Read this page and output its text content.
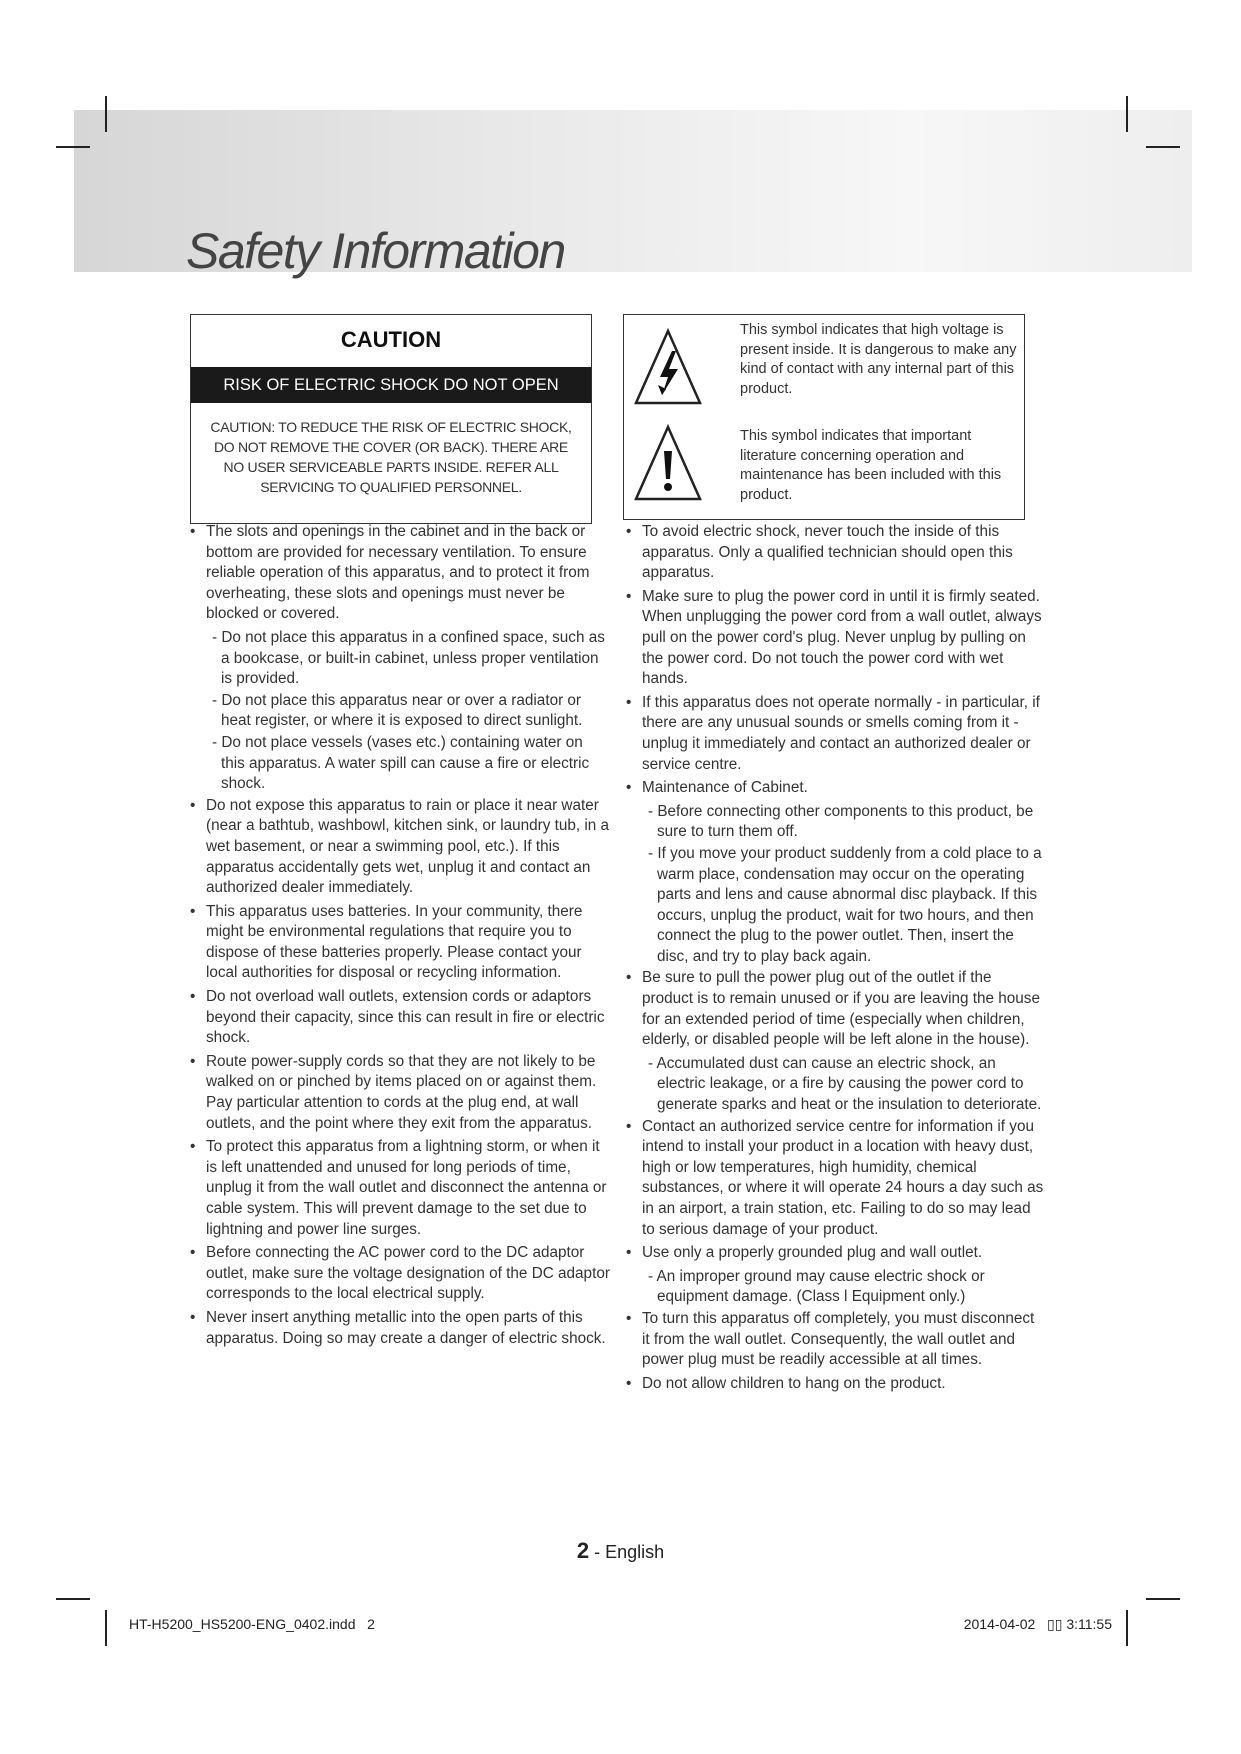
Safety Information
CAUTION
RISK OF ELECTRIC SHOCK DO NOT OPEN
CAUTION: TO REDUCE THE RISK OF ELECTRIC SHOCK, DO NOT REMOVE THE COVER (OR BACK). THERE ARE NO USER SERVICEABLE PARTS INSIDE. REFER ALL SERVICING TO QUALIFIED PERSONNEL.
This symbol indicates that high voltage is present inside. It is dangerous to make any kind of contact with any internal part of this product.
This symbol indicates that important literature concerning operation and maintenance has been included with this product.
• The slots and openings in the cabinet and in the back or bottom are provided for necessary ventilation. To ensure reliable operation of this apparatus, and to protect it from overheating, these slots and openings must never be blocked or covered.
- Do not place this apparatus in a confined space, such as a bookcase, or built-in cabinet, unless proper ventilation is provided.
- Do not place this apparatus near or over a radiator or heat register, or where it is exposed to direct sunlight.
- Do not place vessels (vases etc.) containing water on this apparatus. A water spill can cause a fire or electric shock.
• Do not expose this apparatus to rain or place it near water (near a bathtub, washbowl, kitchen sink, or laundry tub, in a wet basement, or near a swimming pool, etc.). If this apparatus accidentally gets wet, unplug it and contact an authorized dealer immediately.
• This apparatus uses batteries. In your community, there might be environmental regulations that require you to dispose of these batteries properly. Please contact your local authorities for disposal or recycling information.
• Do not overload wall outlets, extension cords or adaptors beyond their capacity, since this can result in fire or electric shock.
• Route power-supply cords so that they are not likely to be walked on or pinched by items placed on or against them. Pay particular attention to cords at the plug end, at wall outlets, and the point where they exit from the apparatus.
• To protect this apparatus from a lightning storm, or when it is left unattended and unused for long periods of time, unplug it from the wall outlet and disconnect the antenna or cable system. This will prevent damage to the set due to lightning and power line surges.
• Before connecting the AC power cord to the DC adaptor outlet, make sure the voltage designation of the DC adaptor corresponds to the local electrical supply.
• Never insert anything metallic into the open parts of this apparatus. Doing so may create a danger of electric shock.
• To avoid electric shock, never touch the inside of this apparatus. Only a qualified technician should open this apparatus.
• Make sure to plug the power cord in until it is firmly seated. When unplugging the power cord from a wall outlet, always pull on the power cord's plug. Never unplug by pulling on the power cord. Do not touch the power cord with wet hands.
• If this apparatus does not operate normally - in particular, if there are any unusual sounds or smells coming from it - unplug it immediately and contact an authorized dealer or service centre.
• Maintenance of Cabinet.
- Before connecting other components to this product, be sure to turn them off.
- If you move your product suddenly from a cold place to a warm place, condensation may occur on the operating parts and lens and cause abnormal disc playback. If this occurs, unplug the product, wait for two hours, and then connect the plug to the power outlet. Then, insert the disc, and try to play back again.
• Be sure to pull the power plug out of the outlet if the product is to remain unused or if you are leaving the house for an extended period of time (especially when children, elderly, or disabled people will be left alone in the house).
- Accumulated dust can cause an electric shock, an electric leakage, or a fire by causing the power cord to generate sparks and heat or the insulation to deteriorate.
• Contact an authorized service centre for information if you intend to install your product in a location with heavy dust, high or low temperatures, high humidity, chemical substances, or where it will operate 24 hours a day such as in an airport, a train station, etc. Failing to do so may lead to serious damage of your product.
• Use only a properly grounded plug and wall outlet.
- An improper ground may cause electric shock or equipment damage. (Class l Equipment only.)
• To turn this apparatus off completely, you must disconnect it from the wall outlet. Consequently, the wall outlet and power plug must be readily accessible at all times.
• Do not allow children to hang on the product.
2 - English
HT-H5200_HS5200-ENG_0402.indd   2	2014-04-02   ▯▯ 3:11:55
